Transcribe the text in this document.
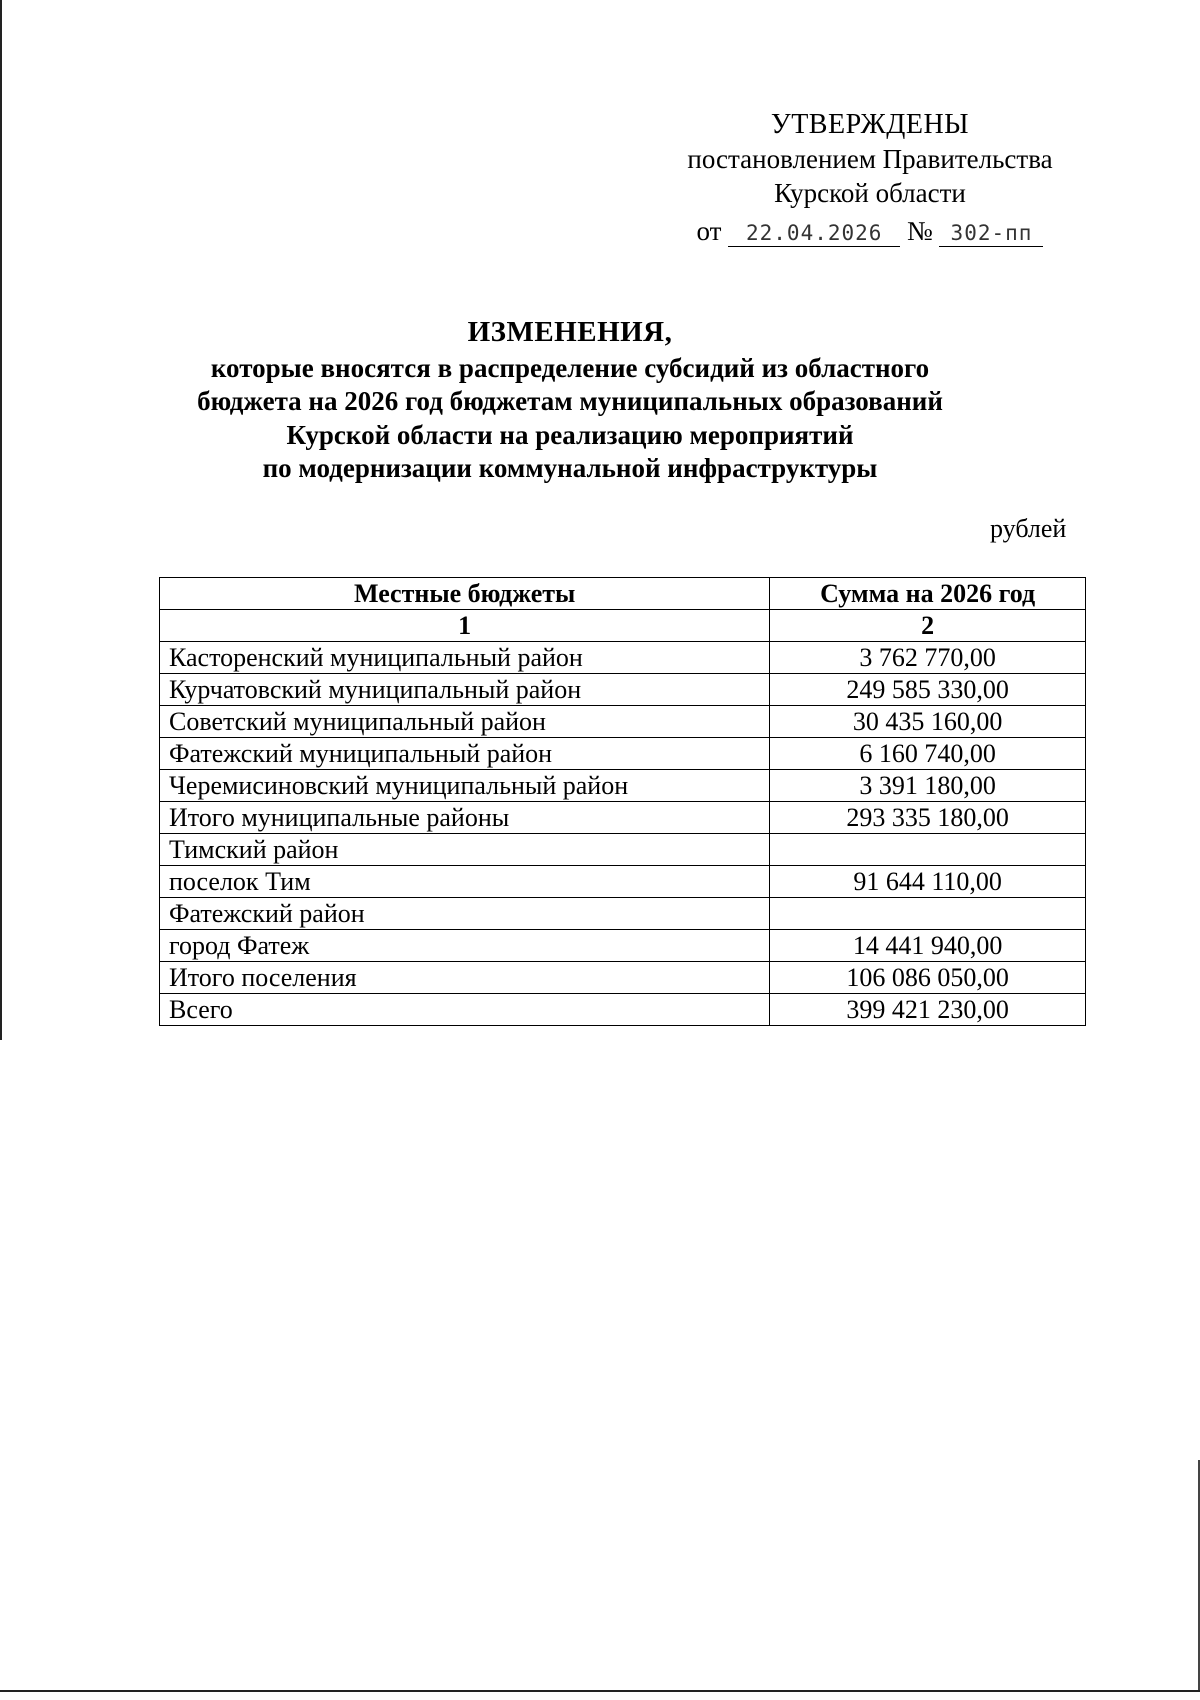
УТВЕРЖДЕНЫ
постановлением Правительства
Курской области
от 22.04.2026 № 302-пп
ИЗМЕНЕНИЯ,
которые вносятся в распределение субсидий из областного
бюджета на 2026 год бюджетам муниципальных образований
Курской области на реализацию мероприятий
по модернизации коммунальной инфраструктуры
рублей
Местные бюджеты	Сумма на 2026 год
1	2
Касторенский муниципальный район	3 762 770,00
Курчатовский муниципальный район	249 585 330,00
Советский муниципальный район	30 435 160,00
Фатежский муниципальный район	6 160 740,00
Черемисиновский муниципальный район	3 391 180,00
Итого муниципальные районы	293 335 180,00
Тимский район	
поселок Тим	91 644 110,00
Фатежский район	
город Фатеж	14 441 940,00
Итого поселения	106 086 050,00
Всего	399 421 230,00
